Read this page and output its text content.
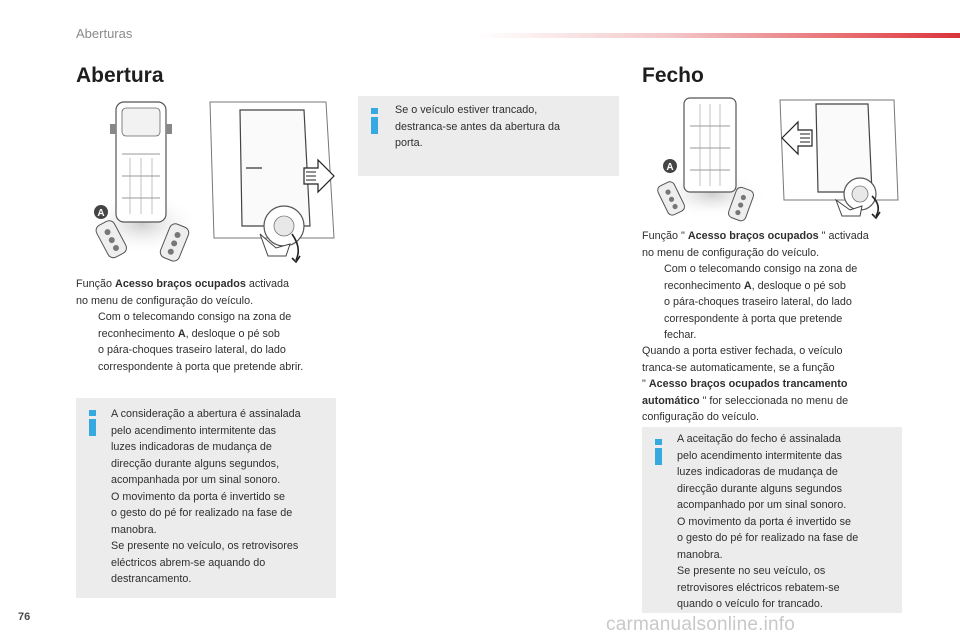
Aberturas
Abertura
A
Função Acesso braços ocupados activada
no menu de configuração do veículo.
Com o telecomando consigo na zona de
reconhecimento A, desloque o pé sob
o pára-choques traseiro lateral, do lado
correspondente à porta que pretende abrir.
Se o veículo estiver trancado,
destranca-se antes da abertura da
porta.
A consideração a abertura é assinalada
pelo acendimento intermitente das
luzes indicadoras de mudança de
direcção durante alguns segundos,
acompanhada por um sinal sonoro.
O movimento da porta é invertido se
o gesto do pé for realizado na fase de
manobra.
Se presente no veículo, os retrovisores
eléctricos abrem-se aquando do
destrancamento.
Fecho
A
Função " Acesso braços ocupados " activada
no menu de configuração do veículo.
Com o telecomando consigo na zona de
reconhecimento A, desloque o pé sob
o pára-choques traseiro lateral, do lado
correspondente à porta que pretende
fechar.
Quando a porta estiver fechada, o veículo
tranca-se automaticamente, se a função
" Acesso braços ocupados trancamento
automático " for seleccionada no menu de
configuração do veículo.
A aceitação do fecho é assinalada
pelo acendimento intermitente das
luzes indicadoras de mudança de
direcção durante alguns segundos
acompanhado por um sinal sonoro.
O movimento da porta é invertido se
o gesto do pé for realizado na fase de
manobra.
Se presente no seu veículo, os
retrovisores eléctricos rebatem-se
quando o veículo for trancado.
76	carmanualsonline.info
